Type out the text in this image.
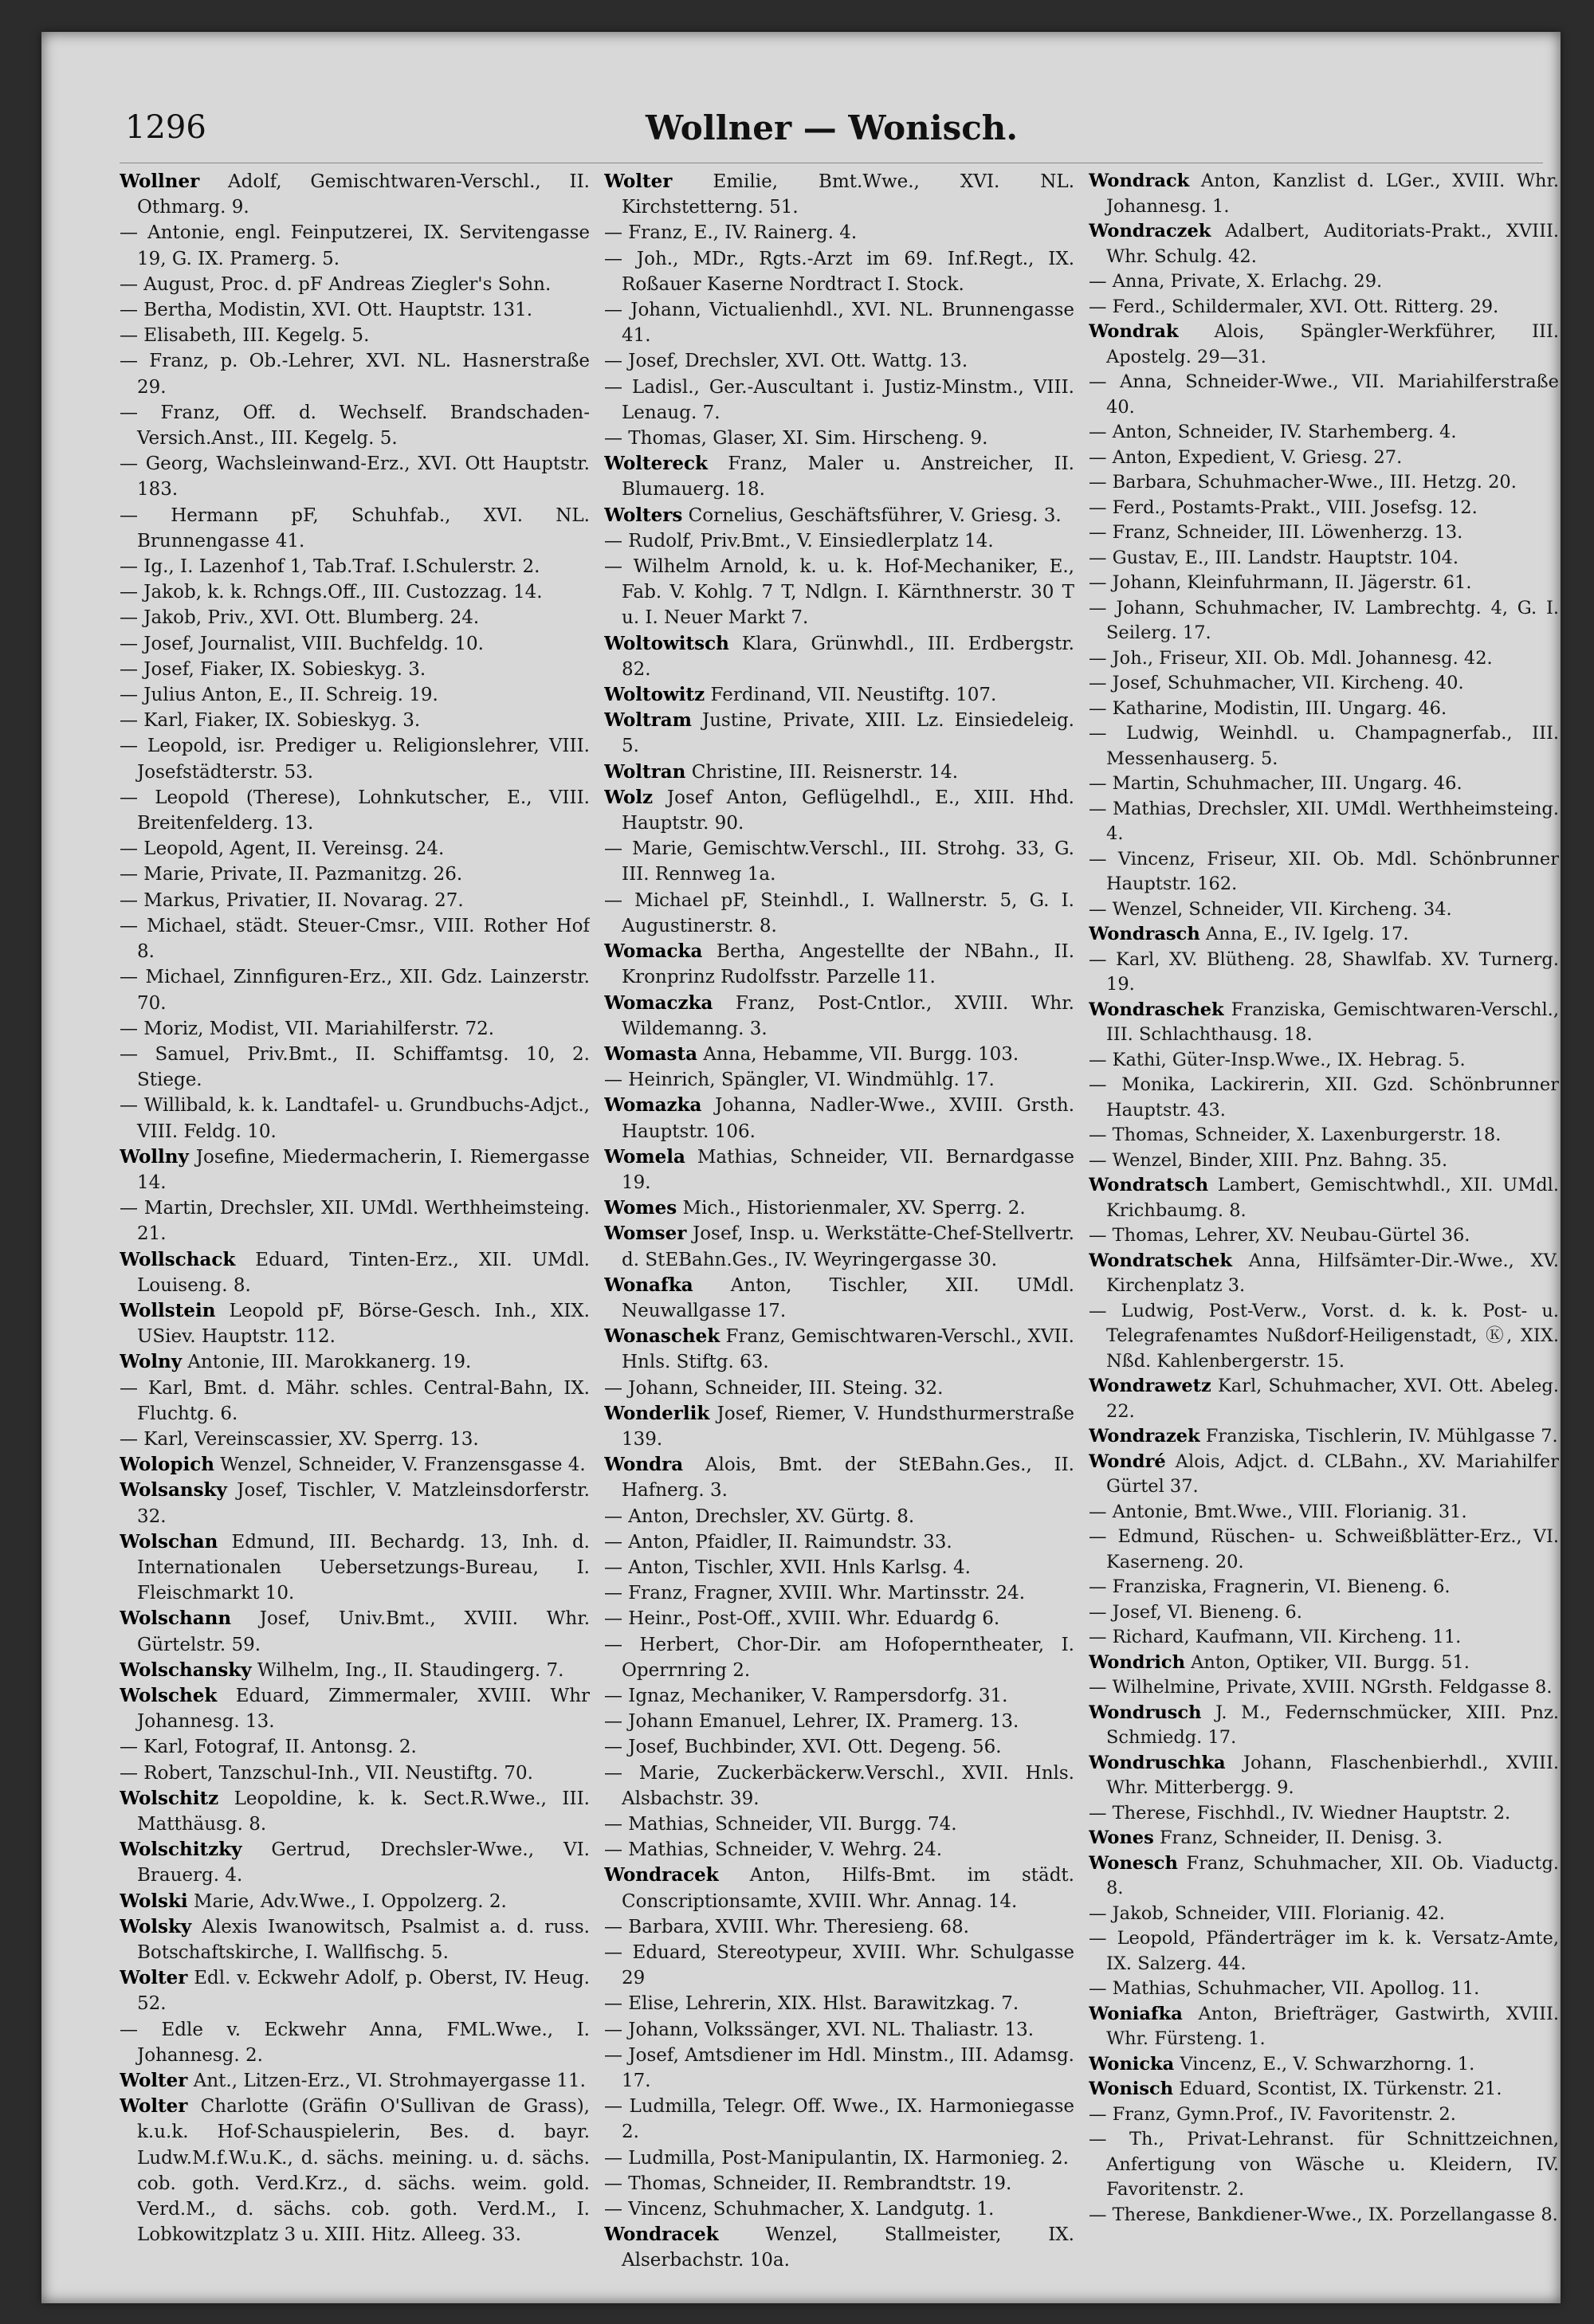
1296	Wollner — Wonisch.
Wollner Adolf, Gemischtwaren-Verschl., II. Othmarg. 9.
— Antonie, engl. Feinputzerei, IX. Servitengasse 19, G. IX. Pramerg. 5.
— August, Proc. d. pF Andreas Ziegler's Sohn.
— Bertha, Modistin, XVI. Ott. Hauptstr. 131.
— Elisabeth, III. Kegelg. 5.
— Franz, p. Ob.-Lehrer, XVI. NL. Hasnerstraße 29.
— Franz, Off. d. Wechself. Brandschaden-Versich.Anst., III. Kegelg. 5.
— Georg, Wachsleinwand-Erz., XVI. Ott Hauptstr. 183.
— Hermann pF, Schuhfab., XVI. NL. Brunnengasse 41.
— Ig., I. Lazenhof 1, Tab.Traf. I.Schulerstr. 2.
— Jakob, k. k. Rchngs.Off., III. Custozzag. 14.
— Jakob, Priv., XVI. Ott. Blumberg. 24.
— Josef, Journalist, VIII. Buchfeldg. 10.
— Josef, Fiaker, IX. Sobieskyg. 3.
— Julius Anton, E., II. Schreig. 19.
— Karl, Fiaker, IX. Sobieskyg. 3.
— Leopold, isr. Prediger u. Religionslehrer, VIII. Josefstädterstr. 53.
— Leopold (Therese), Lohnkutscher, E., VIII. Breitenfelderg. 13.
— Leopold, Agent, II. Vereinsg. 24.
— Marie, Private, II. Pazmanitzg. 26.
— Markus, Privatier, II. Novarag. 27.
— Michael, städt. Steuer-Cmsr., VIII. Rother Hof 8.
— Michael, Zinnfiguren-Erz., XII. Gdz. Lainzerstr. 70.
— Moriz, Modist, VII. Mariahilferstr. 72.
— Samuel, Priv.Bmt., II. Schiffamtsg. 10, 2. Stiege.
— Willibald, k. k. Landtafel- u. Grundbuchs-Adjct., VIII. Feldg. 10.
Wollny Josefine, Miedermacherin, I. Riemergasse 14.
— Martin, Drechsler, XII. UMdl. Werthheimsteing. 21.
Wollschack Eduard, Tinten-Erz., XII. UMdl. Louiseng. 8.
Wollstein Leopold pF, Börse-Gesch. Inh., XIX. USiev. Hauptstr. 112.
Wolny Antonie, III. Marokkanerg. 19.
— Karl, Bmt. d. Mähr. schles. Central-Bahn, IX. Fluchtg. 6.
— Karl, Vereinscassier, XV. Sperrg. 13.
Wolopich Wenzel, Schneider, V. Franzensgasse 4.
Wolsansky Josef, Tischler, V. Matzleinsdorferstr. 32.
Wolschan Edmund, III. Bechardg. 13, Inh. d. Internationalen Uebersetzungs-Bureau, I. Fleischmarkt 10.
Wolschann Josef, Univ.Bmt., XVIII. Whr. Gürtelstr. 59.
Wolschansky Wilhelm, Ing., II. Staudingerg. 7.
Wolschek Eduard, Zimmermaler, XVIII. Whr Johannesg. 13.
— Karl, Fotograf, II. Antonsg. 2.
— Robert, Tanzschul-Inh., VII. Neustiftg. 70.
Wolschitz Leopoldine, k. k. Sect.R.Wwe., III. Matthäusg. 8.
Wolschitzky Gertrud, Drechsler-Wwe., VI. Brauerg. 4.
Wolski Marie, Adv.Wwe., I. Oppolzerg. 2.
Wolsky Alexis Iwanowitsch, Psalmist a. d. russ. Botschaftskirche, I. Wallfischg. 5.
Wolter Edl. v. Eckwehr Adolf, p. Oberst, IV. Heug. 52.
— Edle v. Eckwehr Anna, FML.Wwe., I. Johannesg. 2.
Wolter Ant., Litzen-Erz., VI. Strohmayergasse 11.
Wolter Charlotte (Gräfin O'Sullivan de Grass), k.u.k. Hof-Schauspielerin, Bes. d. bayr. Ludw.M.f.W.u.K., d. sächs. meining. u. d. sächs. cob. goth. Verd.Krz., d. sächs. weim. gold. Verd.M., d. sächs. cob. goth. Verd.M., I. Lobkowitzplatz 3 u. XIII. Hitz. Alleeg. 33.
Wolter Emilie, Bmt.Wwe., XVI. NL. Kirchstetterng. 51.
— Franz, E., IV. Rainerg. 4.
— Joh., MDr., Rgts.-Arzt im 69. Inf.Regt., IX. Roßauer Kaserne Nordtract I. Stock.
— Johann, Victualienhdl., XVI. NL. Brunnengasse 41.
— Josef, Drechsler, XVI. Ott. Wattg. 13.
— Ladisl., Ger.-Auscultant i. Justiz-Minstm., VIII. Lenaug. 7.
— Thomas, Glaser, XI. Sim. Hirscheng. 9.
Woltereck Franz, Maler u. Anstreicher, II. Blumauerg. 18.
Wolters Cornelius, Geschäftsführer, V. Griesg. 3.
— Rudolf, Priv.Bmt., V. Einsiedlerplatz 14.
— Wilhelm Arnold, k. u. k. Hof-Mechaniker, E., Fab. V. Kohlg. 7 T, Ndlgn. I. Kärnthnerstr. 30 T u. I. Neuer Markt 7.
Woltowitsch Klara, Grünwhdl., III. Erdbergstr. 82.
Woltowitz Ferdinand, VII. Neustiftg. 107.
Woltram Justine, Private, XIII. Lz. Einsiedeleig. 5.
Woltran Christine, III. Reisnerstr. 14.
Wolz Josef Anton, Geflügelhdl., E., XIII. Hhd. Hauptstr. 90.
— Marie, Gemischtw.Verschl., III. Strohg. 33, G. III. Rennweg 1a.
— Michael pF, Steinhdl., I. Wallnerstr. 5, G. I. Augustinerstr. 8.
Womacka Bertha, Angestellte der NBahn., II. Kronprinz Rudolfsstr. Parzelle 11.
Womaczka Franz, Post-Cntlor., XVIII. Whr. Wildemanng. 3.
Womasta Anna, Hebamme, VII. Burgg. 103.
— Heinrich, Spängler, VI. Windmühlg. 17.
Womazka Johanna, Nadler-Wwe., XVIII. Grsth. Hauptstr. 106.
Womela Mathias, Schneider, VII. Bernardgasse 19.
Womes Mich., Historienmaler, XV. Sperrg. 2.
Womser Josef, Insp. u. Werkstätte-Chef-Stellvertr. d. StEBahn.Ges., IV. Weyringergasse 30.
Wonafka Anton, Tischler, XII. UMdl. Neuwallgasse 17.
Wonaschek Franz, Gemischtwaren-Verschl., XVII. Hnls. Stiftg. 63.
— Johann, Schneider, III. Steing. 32.
Wonderlik Josef, Riemer, V. Hundsthurmerstraße 139.
Wondra Alois, Bmt. der StEBahn.Ges., II. Hafnerg. 3.
— Anton, Drechsler, XV. Gürtg. 8.
— Anton, Pfaidler, II. Raimundstr. 33.
— Anton, Tischler, XVII. Hnls Karlsg. 4.
— Franz, Fragner, XVIII. Whr. Martinsstr. 24.
— Heinr., Post-Off., XVIII. Whr. Eduardg 6.
— Herbert, Chor-Dir. am Hofoperntheater, I. Operrnring 2.
— Ignaz, Mechaniker, V. Rampersdorfg. 31.
— Johann Emanuel, Lehrer, IX. Pramerg. 13.
— Josef, Buchbinder, XVI. Ott. Degeng. 56.
— Marie, Zuckerbäckerw.Verschl., XVII. Hnls. Alsbachstr. 39.
— Mathias, Schneider, VII. Burgg. 74.
— Mathias, Schneider, V. Wehrg. 24.
Wondracek Anton, Hilfs-Bmt. im städt. Conscriptionsamte, XVIII. Whr. Annag. 14.
— Barbara, XVIII. Whr. Theresieng. 68.
— Eduard, Stereotypeur, XVIII. Whr. Schulgasse 29
— Elise, Lehrerin, XIX. Hlst. Barawitzkag. 7.
— Johann, Volkssänger, XVI. NL. Thaliastr. 13.
— Josef, Amtsdiener im Hdl. Minstm., III. Adamsg. 17.
— Ludmilla, Telegr. Off. Wwe., IX. Harmoniegasse 2.
— Ludmilla, Post-Manipulantin, IX. Harmonieg. 2.
— Thomas, Schneider, II. Rembrandtstr. 19.
— Vincenz, Schuhmacher, X. Landgutg. 1.
Wondracek Wenzel, Stallmeister, IX. Alserbachstr. 10a.
Wondrack Anton, Kanzlist d. LGer., XVIII. Whr. Johannesg. 1.
Wondraczek Adalbert, Auditoriats-Prakt., XVIII. Whr. Schulg. 42.
— Anna, Private, X. Erlachg. 29.
— Ferd., Schildermaler, XVI. Ott. Ritterg. 29.
Wondrak Alois, Spängler-Werkführer, III. Apostelg. 29—31.
— Anna, Schneider-Wwe., VII. Mariahilferstraße 40.
— Anton, Schneider, IV. Starhemberg. 4.
— Anton, Expedient, V. Griesg. 27.
— Barbara, Schuhmacher-Wwe., III. Hetzg. 20.
— Ferd., Postamts-Prakt., VIII. Josefsg. 12.
— Franz, Schneider, III. Löwenherzg. 13.
— Gustav, E., III. Landstr. Hauptstr. 104.
— Johann, Kleinfuhrmann, II. Jägerstr. 61.
— Johann, Schuhmacher, IV. Lambrechtg. 4, G. I. Seilerg. 17.
— Joh., Friseur, XII. Ob. Mdl. Johannesg. 42.
— Josef, Schuhmacher, VII. Kircheng. 40.
— Katharine, Modistin, III. Ungarg. 46.
— Ludwig, Weinhdl. u. Champagnerfab., III. Messenhauserg. 5.
— Martin, Schuhmacher, III. Ungarg. 46.
— Mathias, Drechsler, XII. UMdl. Werthheimsteing. 4.
— Vincenz, Friseur, XII. Ob. Mdl. Schönbrunner Hauptstr. 162.
— Wenzel, Schneider, VII. Kircheng. 34.
Wondrasch Anna, E., IV. Igelg. 17.
— Karl, XV. Blütheng. 28, Shawlfab. XV. Turnerg. 19.
Wondraschek Franziska, Gemischtwaren-Verschl., III. Schlachthausg. 18.
— Kathi, Güter-Insp.Wwe., IX. Hebrag. 5.
— Monika, Lackirerin, XII. Gzd. Schönbrunner Hauptstr. 43.
— Thomas, Schneider, X. Laxenburgerstr. 18.
— Wenzel, Binder, XIII. Pnz. Bahng. 35.
Wondratsch Lambert, Gemischtwhdl., XII. UMdl. Krichbaumg. 8.
— Thomas, Lehrer, XV. Neubau-Gürtel 36.
Wondratschek Anna, Hilfsämter-Dir.-Wwe., XV. Kirchenplatz 3.
— Ludwig, Post-Verw., Vorst. d. k. k. Post- u. Telegrafenamtes Nußdorf-Heiligenstadt, Ⓚ, XIX. Nßd. Kahlenbergerstr. 15.
Wondrawetz Karl, Schuhmacher, XVI. Ott. Abeleg. 22.
Wondrazek Franziska, Tischlerin, IV. Mühlgasse 7.
Wondré Alois, Adjct. d. CLBahn., XV. Mariahilfer Gürtel 37.
— Antonie, Bmt.Wwe., VIII. Florianig. 31.
— Edmund, Rüschen- u. Schweißblätter-Erz., VI. Kaserneng. 20.
— Franziska, Fragnerin, VI. Bieneng. 6.
— Josef, VI. Bieneng. 6.
— Richard, Kaufmann, VII. Kircheng. 11.
Wondrich Anton, Optiker, VII. Burgg. 51.
— Wilhelmine, Private, XVIII. NGrsth. Feldgasse 8.
Wondrusch J. M., Federnschmücker, XIII. Pnz. Schmiedg. 17.
Wondruschka Johann, Flaschenbierhdl., XVIII. Whr. Mitterbergg. 9.
— Therese, Fischhdl., IV. Wiedner Hauptstr. 2.
Wones Franz, Schneider, II. Denisg. 3.
Wonesch Franz, Schuhmacher, XII. Ob. Viaductg. 8.
— Jakob, Schneider, VIII. Florianig. 42.
— Leopold, Pfänderträger im k. k. Versatz-Amte, IX. Salzerg. 44.
— Mathias, Schuhmacher, VII. Apollog. 11.
Woniafka Anton, Briefträger, Gastwirth, XVIII. Whr. Fürsteng. 1.
Wonicka Vincenz, E., V. Schwarzhorng. 1.
Wonisch Eduard, Scontist, IX. Türkenstr. 21.
— Franz, Gymn.Prof., IV. Favoritenstr. 2.
— Th., Privat-Lehranst. für Schnittzeichnen, Anfertigung von Wäsche u. Kleidern, IV. Favoritenstr. 2.
— Therese, Bankdiener-Wwe., IX. Porzellangasse 8.
